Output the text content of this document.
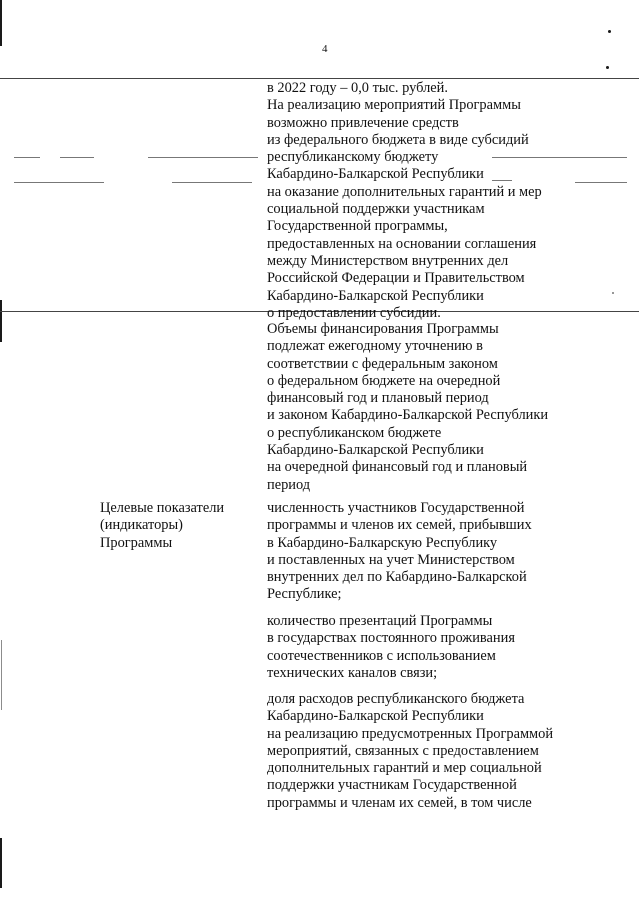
4
в 2022 году – 0,0 тыс. рублей.
На реализацию мероприятий Программы
возможно привлечение средств
из федерального бюджета в виде субсидий
республиканскому бюджету
Кабардино-Балкарской Республики
на оказание дополнительных гарантий и мер
социальной поддержки участникам
Государственной программы,
предоставленных на основании соглашения
между Министерством внутренних дел
Российской Федерации и Правительством
Кабардино-Балкарской Республики
о предоставлении субсидии.
Объемы финансирования Программы
подлежат ежегодному уточнению в
соответствии с федеральным законом
о федеральном бюджете на очередной
финансовый год и плановый период
и законом Кабардино-Балкарской Республики
о республиканском бюджете
Кабардино-Балкарской Республики
на очередной финансовый год и плановый
период
Целевые показатели
(индикаторы)
Программы
численность участников Государственной
программы и членов их семей, прибывших
в Кабардино-Балкарскую Республику
и поставленных на учет Министерством
внутренних дел по Кабардино-Балкарской
Республике;
количество презентаций Программы
в государствах постоянного проживания
соотечественников с использованием
технических каналов связи;
доля расходов республиканского бюджета
Кабардино-Балкарской Республики
на реализацию предусмотренных Программой
мероприятий, связанных с предоставлением
дополнительных гарантий и мер социальной
поддержки участникам Государственной
программы и членам их семей, в том числе
